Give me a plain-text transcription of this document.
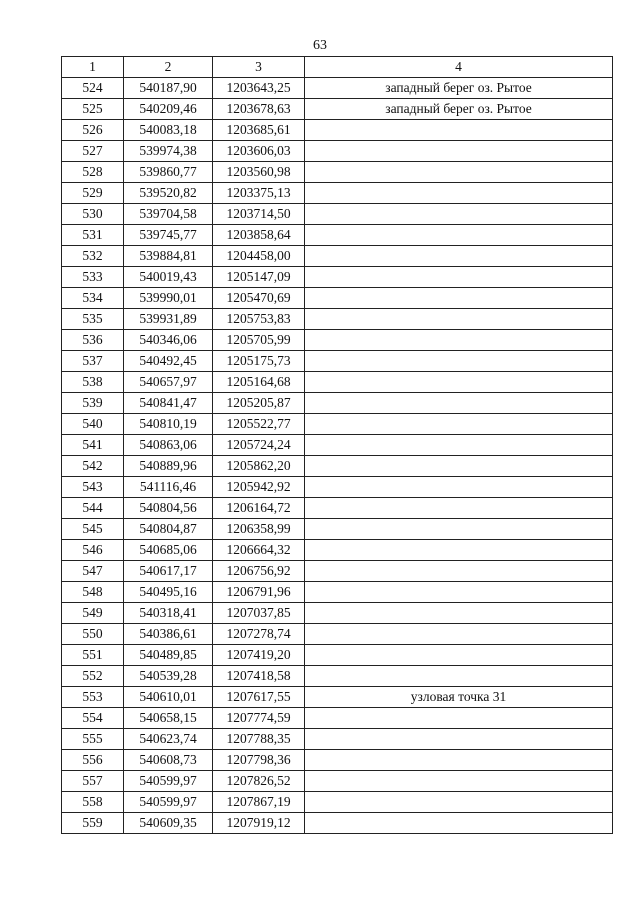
63
1	2	3	4
524	540187,90	1203643,25	западный берег оз. Рытое
525	540209,46	1203678,63	западный берег оз. Рытое
526	540083,18	1203685,61	
527	539974,38	1203606,03	
528	539860,77	1203560,98	
529	539520,82	1203375,13	
530	539704,58	1203714,50	
531	539745,77	1203858,64	
532	539884,81	1204458,00	
533	540019,43	1205147,09	
534	539990,01	1205470,69	
535	539931,89	1205753,83	
536	540346,06	1205705,99	
537	540492,45	1205175,73	
538	540657,97	1205164,68	
539	540841,47	1205205,87	
540	540810,19	1205522,77	
541	540863,06	1205724,24	
542	540889,96	1205862,20	
543	541116,46	1205942,92	
544	540804,56	1206164,72	
545	540804,87	1206358,99	
546	540685,06	1206664,32	
547	540617,17	1206756,92	
548	540495,16	1206791,96	
549	540318,41	1207037,85	
550	540386,61	1207278,74	
551	540489,85	1207419,20	
552	540539,28	1207418,58	
553	540610,01	1207617,55	узловая точка 31
554	540658,15	1207774,59	
555	540623,74	1207788,35	
556	540608,73	1207798,36	
557	540599,97	1207826,52	
558	540599,97	1207867,19	
559	540609,35	1207919,12	
